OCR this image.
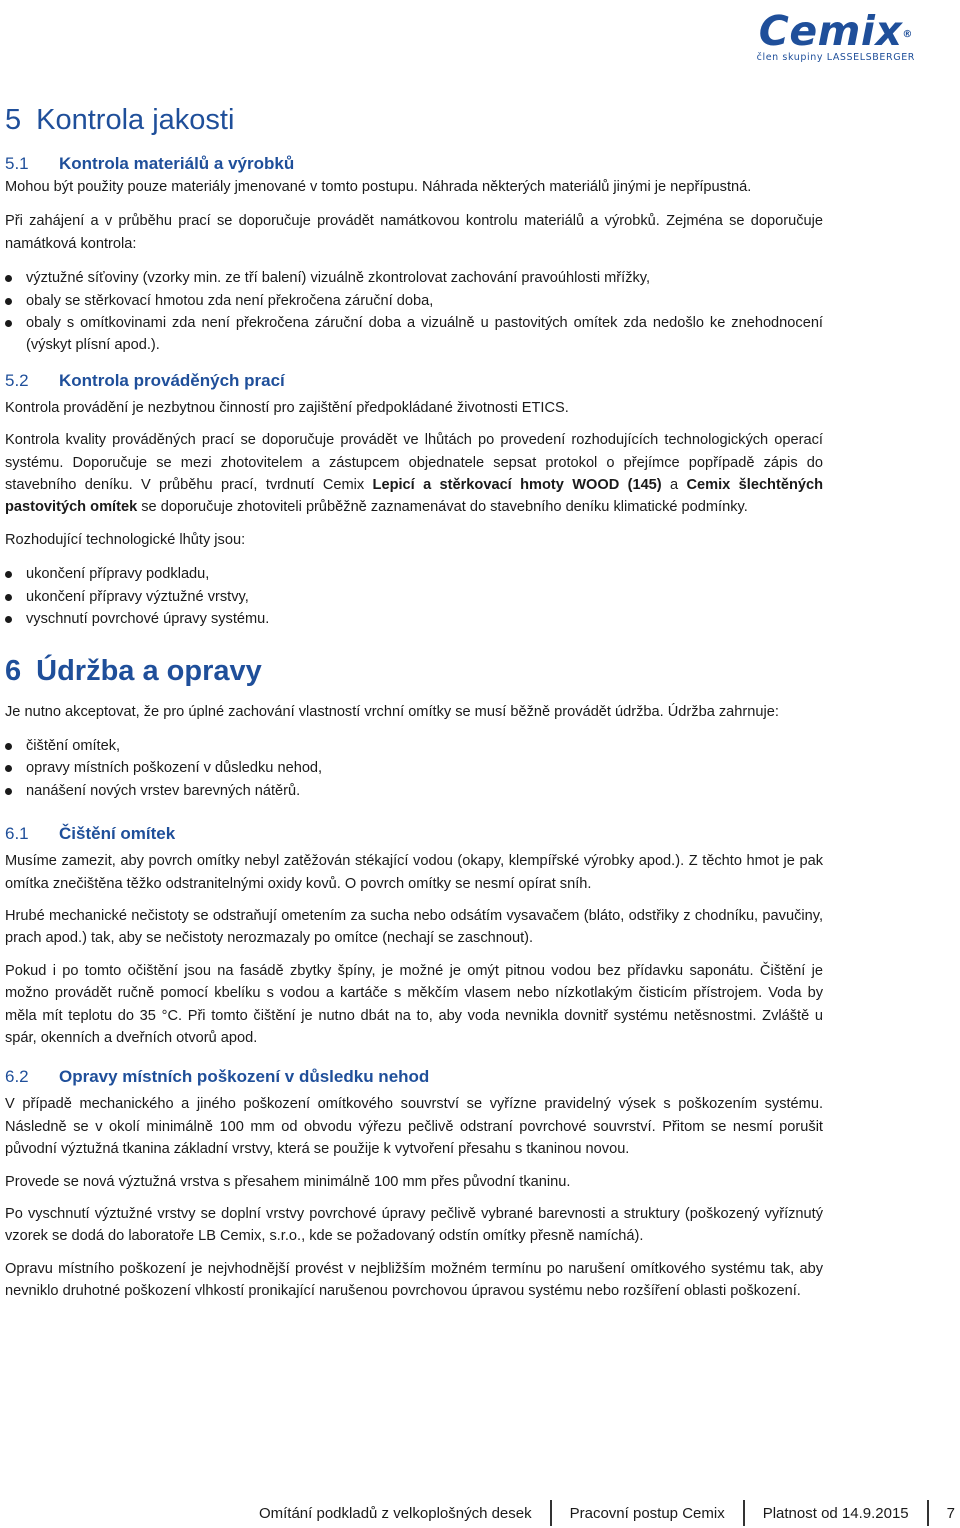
Cemix®
člen skupiny LASSELSBERGER
5 Kontrola jakosti
5.1 Kontrola materiálů a výrobků

Mohou být použity pouze materiály jmenované v tomto postupu. Náhrada některých materiálů jinými je nepřípustná.

Při zahájení a v průběhu prací se doporučuje provádět namátkovou kontrolu materiálů a výrobků. Zejména se doporučuje namátková kontrola:

výztužné síťoviny (vzorky min. ze tří balení) vizuálně zkontrolovat zachování pravoúhlosti mřížky,
obaly se stěrkovací hmotou zda není překročena záruční doba,
obaly s omítkovinami zda není překročena záruční doba a vizuálně u pastovitých omítek zda nedošlo ke znehodnocení (výskyt plísní apod.).
5.2 Kontrola prováděných prací

Kontrola provádění je nezbytnou činností pro zajištění předpokládané životnosti ETICS.

Kontrola kvality prováděných prací se doporučuje provádět ve lhůtách po provedení rozhodujících technologických operací systému. Doporučuje se mezi zhotovitelem a zástupcem objednatele sepsat protokol o přejímce popřípadě zápis do stavebního deníku. V průběhu prací, tvrdnutí Cemix Lepicí a stěrkovací hmoty WOOD (145) a Cemix šlechtěných pastovitých omítek se doporučuje zhotoviteli průběžně zaznamenávat do stavebního deníku klimatické podmínky.

Rozhodující technologické lhůty jsou:

ukončení přípravy podkladu,
ukončení přípravy výztužné vrstvy,
vyschnutí povrchové úpravy systému.
6 Údržba a opravy

Je nutno akceptovat, že pro úplné zachování vlastností vrchní omítky se musí běžně provádět údržba. Údržba zahrnuje:

čištění omítek,
opravy místních poškození v důsledku nehod,
nanášení nových vrstev barevných nátěrů.
6.1 Čištění omítek

Musíme zamezit, aby povrch omítky nebyl zatěžován stékající vodou (okapy, klempířské výrobky apod.). Z těchto hmot je pak omítka znečištěna těžko odstranitelnými oxidy kovů. O povrch omítky se nesmí opírat sníh.

Hrubé mechanické nečistoty se odstraňují ometením za sucha nebo odsátím vysavačem (bláto, odstřiky z chodníku, pavučiny, prach apod.) tak, aby se nečistoty nerozmazaly po omítce (nechají se zaschnout).

Pokud i po tomto očištění jsou na fasádě zbytky špíny, je možné je omýt pitnou vodou bez přídavku saponátu. Čištění je možno provádět ručně pomocí kbelíku s vodou a kartáče s měkčím vlasem nebo nízkotlakým čisticím přístrojem. Voda by měla mít teplotu do 35 °C. Při tomto čištění je nutno dbát na to, aby voda nevnikla dovnitř systému netěsnostmi. Zvláště u spár, okenních a dveřních otvorů apod.

6.2 Opravy místních poškození v důsledku nehod

V případě mechanického a jiného poškození omítkového souvrství se vyřízne pravidelný výsek s poškozením systému. Následně se v okolí minimálně 100 mm od obvodu výřezu pečlivě odstraní povrchové souvrství. Přitom se nesmí porušit původní výztužná tkanina základní vrstvy, která se použije k vytvoření přesahu s tkaninou novou.

Provede se nová výztužná vrstva s přesahem minimálně 100 mm přes původní tkaninu.

Po vyschnutí výztužné vrstvy se doplní vrstvy povrchové úpravy pečlivě vybrané barevnosti a struktury (poškozený vyříznutý vzorek se dodá do laboratoře LB Cemix, s.r.o., kde se požadovaný odstín omítky přesně namíchá).

Opravu místního poškození je nejvhodnější provést v nejbližším možném termínu po narušení omítkového systému tak, aby nevniklo druhotné poškození vlhkostí pronikající narušenou povrchovou úpravou systému nebo rozšíření oblasti poškození.

Omítání podkladů z velkoplošných desek	Pracovní postup Cemix	Platnost od 14.9.2015	7
